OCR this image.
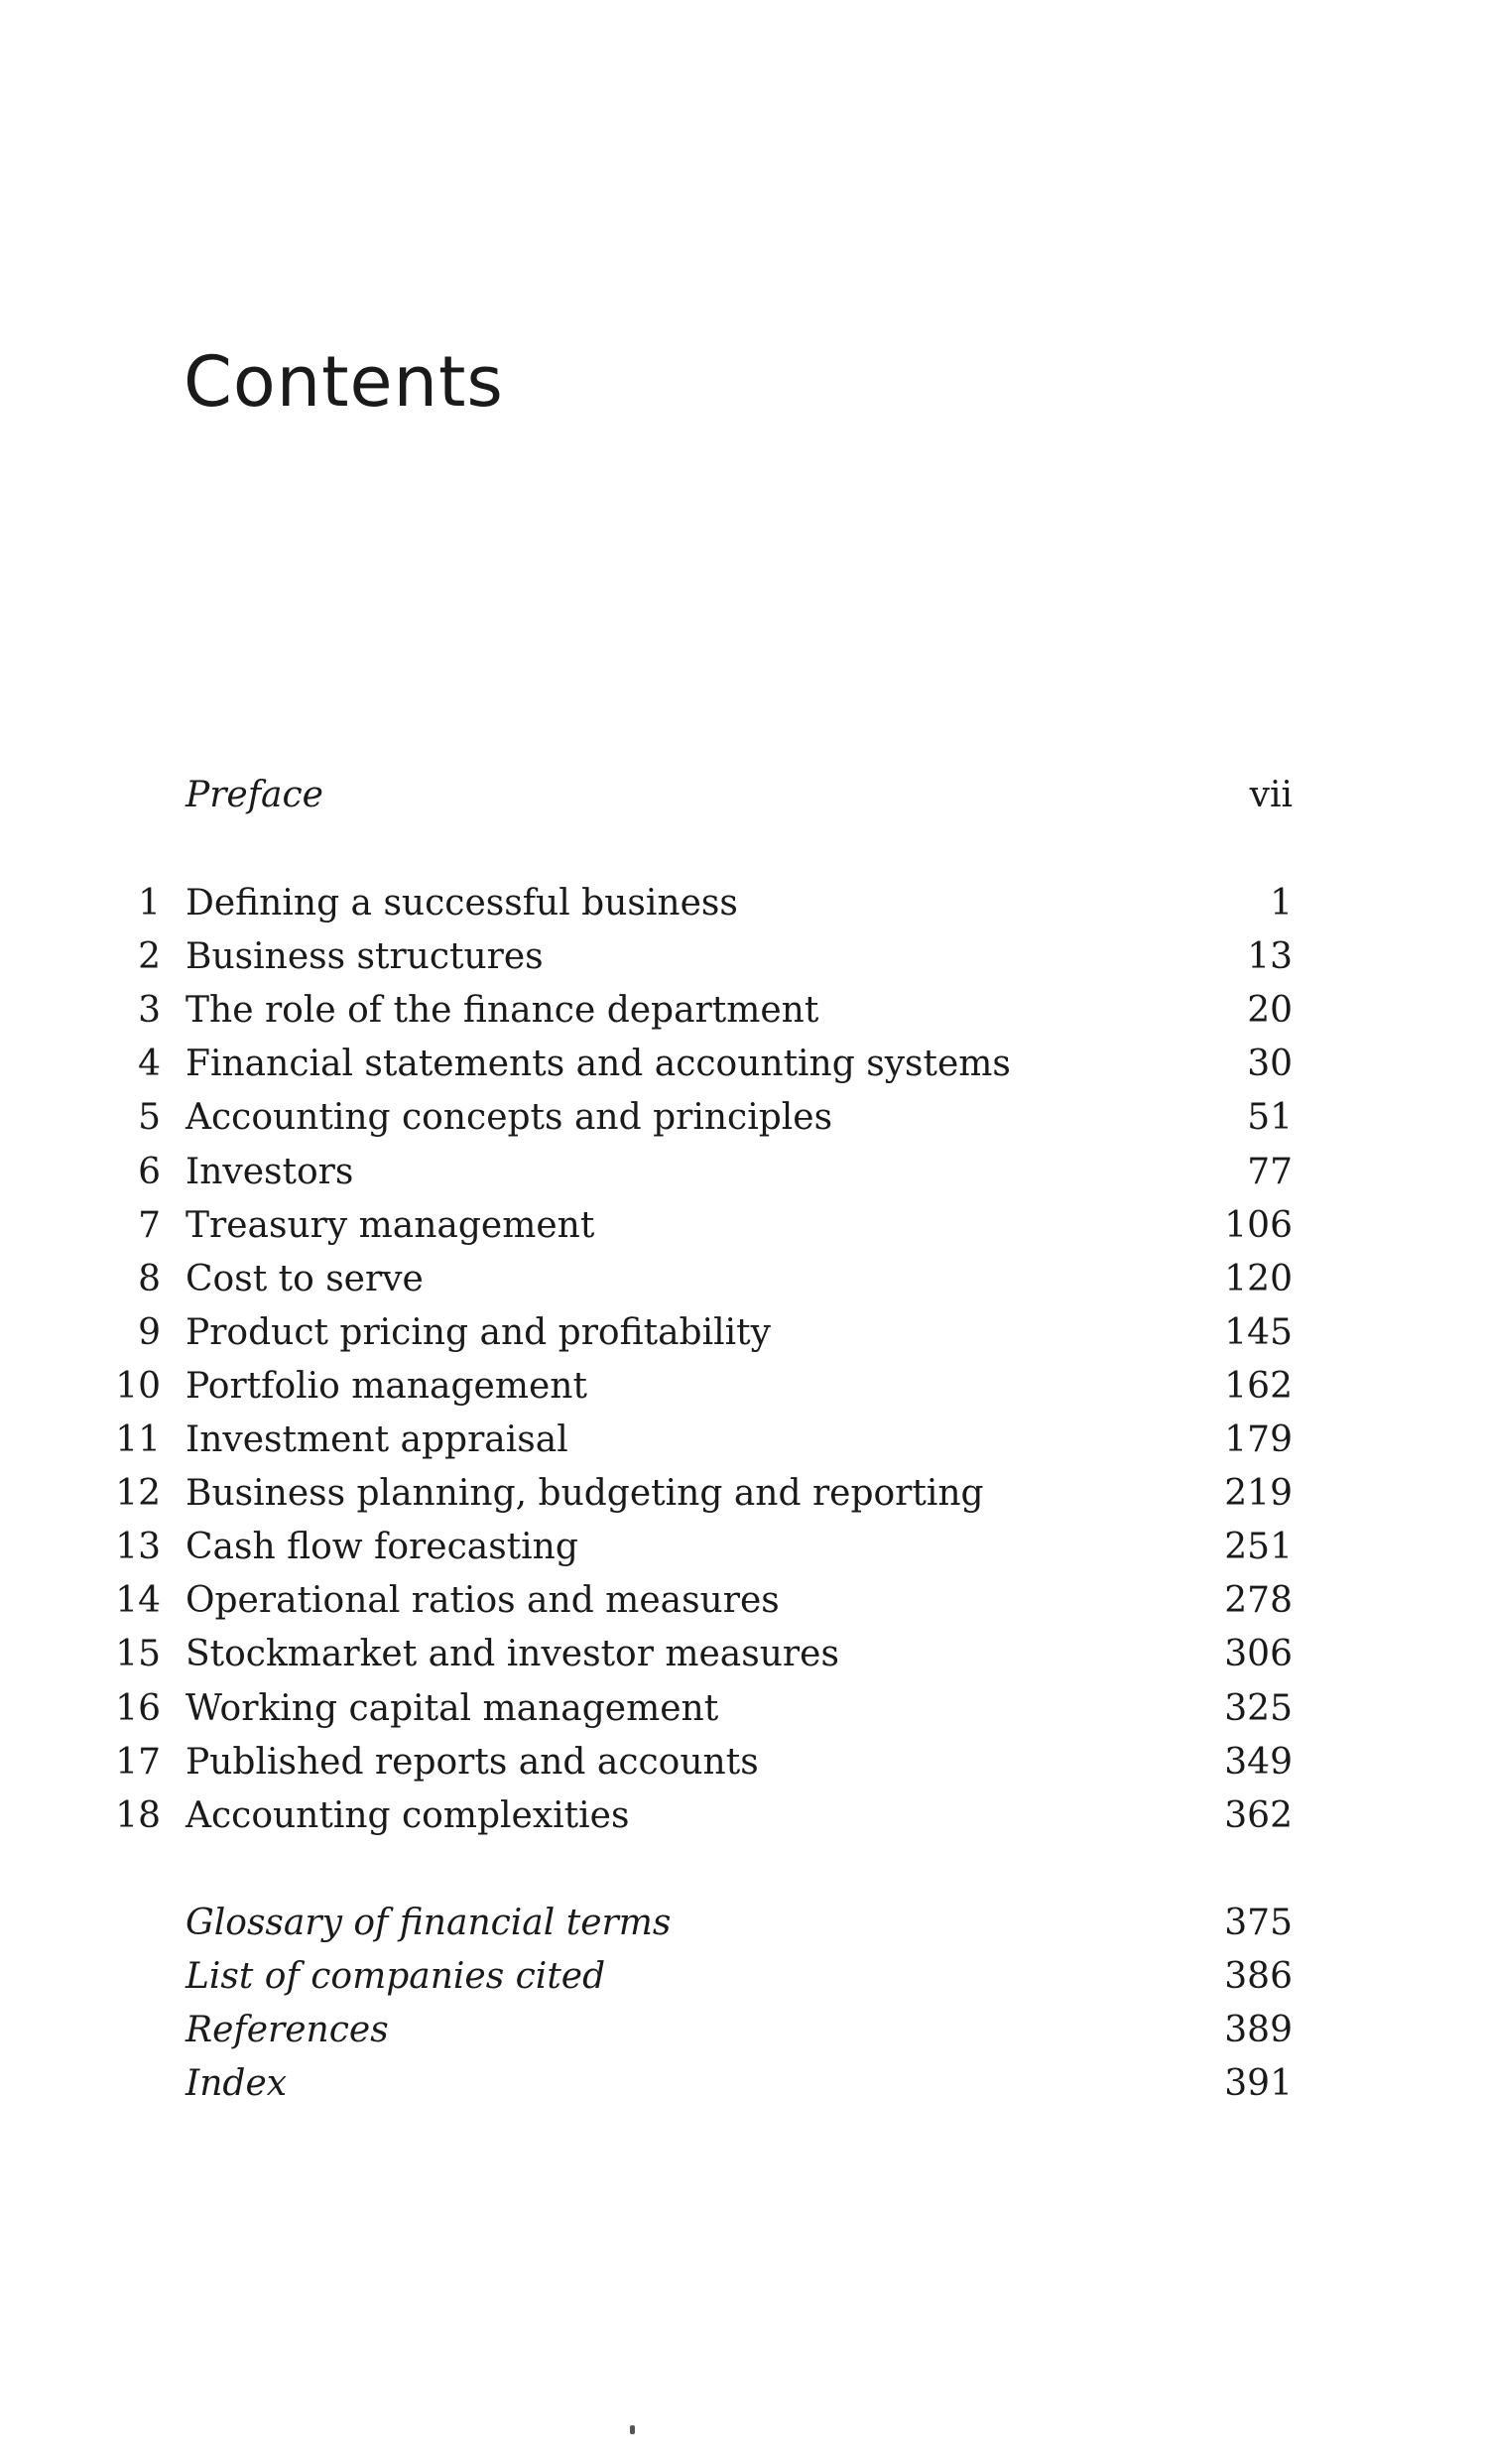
Contents
Preface	vii
1 Defining a successful business	1
2 Business structures	13
3 The role of the finance department	20
4 Financial statements and accounting systems	30
5 Accounting concepts and principles	51
6 Investors	77
7 Treasury management	106
8 Cost to serve	120
9 Product pricing and profitability	145
10 Portfolio management	162
11 Investment appraisal	179
12 Business planning, budgeting and reporting	219
13 Cash flow forecasting	251
14 Operational ratios and measures	278
15 Stockmarket and investor measures	306
16 Working capital management	325
17 Published reports and accounts	349
18 Accounting complexities	362
Glossary of financial terms	375
List of companies cited	386
References	389
Index	391
